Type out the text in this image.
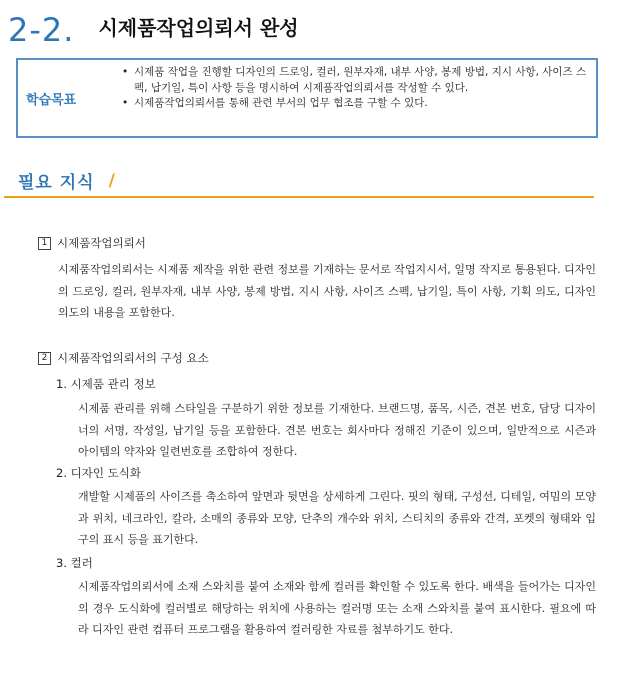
2-2. 시제품작업의뢰서 완성
학습목표
• 시제품 작업을 진행할 디자인의 드로잉, 컬러, 원부자재, 내부 사양, 봉제 방법, 지시 사항, 사이즈 스펙, 납기일, 특이 사항 등을 명시하여 시제품작업의뢰서를 작성할 수 있다.
• 시제품작업의뢰서를 통해 관련 부서의 업무 협조를 구할 수 있다.
필요 지식 /
1 시제품작업의뢰서
시제품작업의뢰서는 시제품 제작을 위한 관련 정보를 기재하는 문서로 작업지시서, 일명 작지로 통용된다. 디자인의 드로잉, 컬러, 원부자재, 내부 사양, 봉제 방법, 지시 사항, 사이즈 스펙, 납기일, 특이 사항, 기획 의도, 디자인 의도의 내용을 포함한다.
2 시제품작업의뢰서의 구성 요소
1. 시제품 관리 정보
시제품 관리를 위해 스타일을 구분하기 위한 정보를 기재한다. 브랜드명, 품목, 시즌, 견본 번호, 담당 디자이너의 서명, 작성일, 납기일 등을 포함한다. 견본 번호는 회사마다 정해진 기준이 있으며, 일반적으로 시즌과 아이템의 약자와 일련번호를 조합하여 정한다.
2. 디자인 도식화
개발할 시제품의 사이즈를 축소하여 앞면과 뒷면을 상세하게 그린다. 핏의 형태, 구성선, 디테일, 여밈의 모양과 위치, 네크라인, 칼라, 소매의 종류와 모양, 단추의 개수와 위치, 스티치의 종류와 간격, 포켓의 형태와 입구의 표시 등을 표기한다.
3. 컬러
시제품작업의뢰서에 소재 스와치를 붙여 소재와 함께 컬러를 확인할 수 있도록 한다. 배색을 들어가는 디자인의 경우 도식화에 컬러별로 해당하는 위치에 사용하는 컬러명 또는 소재 스와치를 붙여 표시한다. 필요에 따라 디자인 관련 컴퓨터 프로그램을 활용하여 컬러링한 자료를 첨부하기도 한다.
